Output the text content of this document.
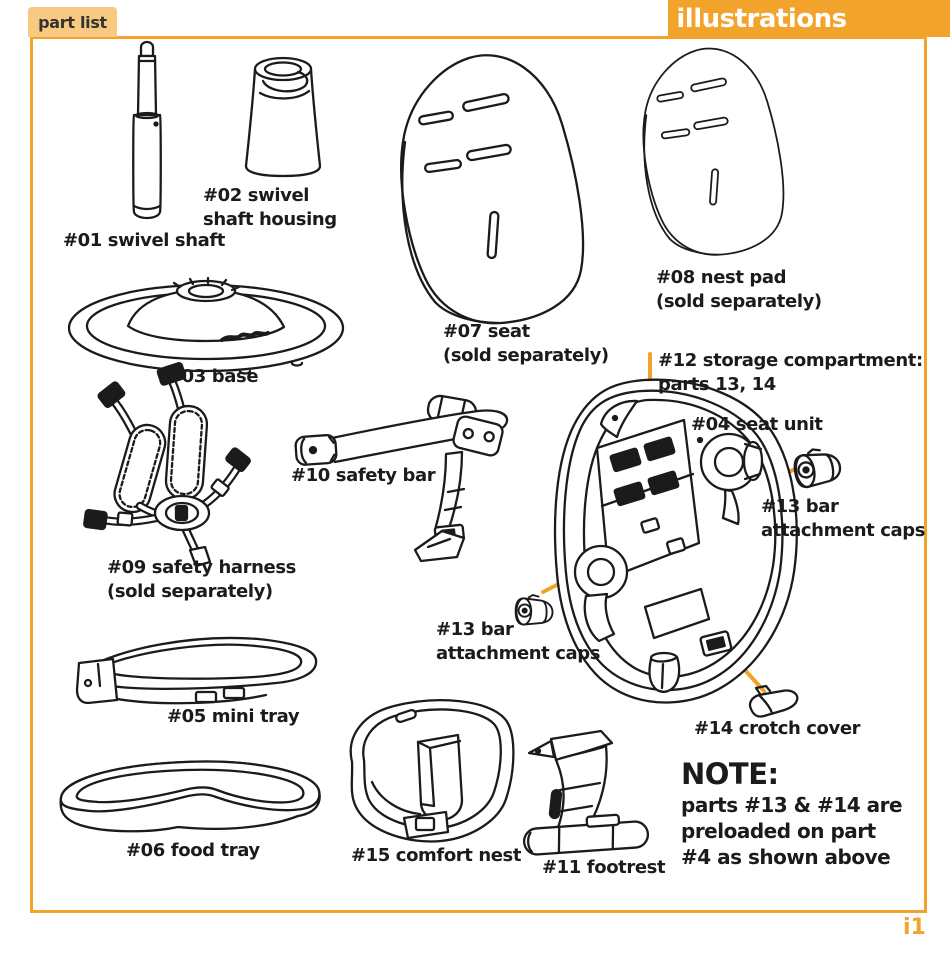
part list	illustrations
i1
#01 swivel shaft
#02 swivel
shaft housing
#03 base
#07 seat
(sold separately)
#08 nest pad
(sold separately)
#12 storage compartment:
parts 13, 14
#04 seat unit
#13 bar
attachment caps
#09 safety harness
(sold separately)
#10 safety bar
#13 bar
attachment caps
#05 mini tray
#14 crotch cover
#06 food tray	#15 comfort nest
#11 footrest
NOTE:
parts #13 & #14 are
preloaded on part
#4 as shown above
